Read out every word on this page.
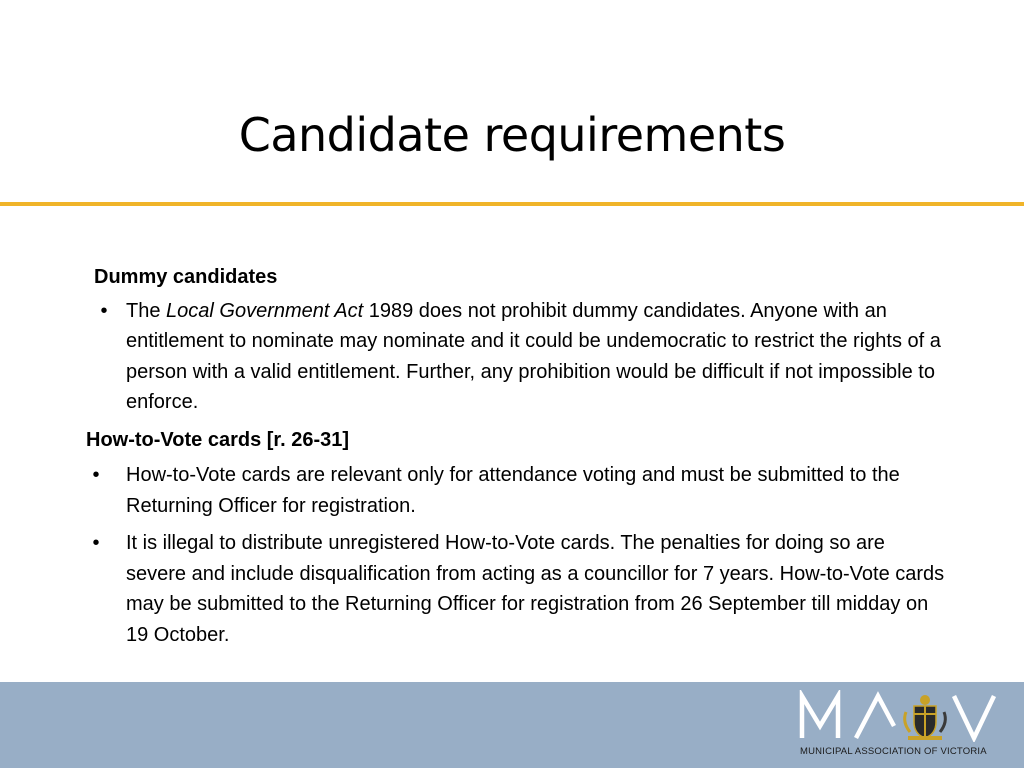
Candidate requirements

Dummy candidates

• The Local Government Act 1989 does not prohibit dummy candidates. Anyone with an entitlement to nominate may nominate and it could be undemocratic to restrict the rights of a person with a valid entitlement. Further, any prohibition would be difficult if not impossible to enforce.

How-to-Vote cards [r. 26-31]

•	How-to-Vote cards are relevant only for attendance voting and must be submitted to the Returning Officer for registration.
•	It is illegal to distribute unregistered How-to-Vote cards. The penalties for doing so are severe and include disqualification from acting as a councillor for 7 years. How-to-Vote cards may be submitted to the Returning Officer for registration from 26 September till midday on 19 October.
MUNICIPAL ASSOCIATION OF VICTORIA
